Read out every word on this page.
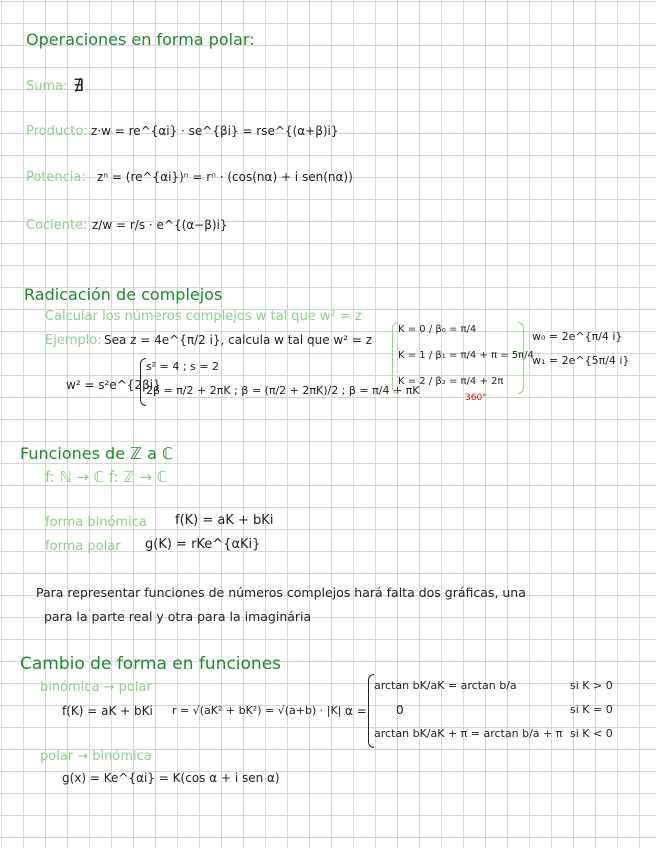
Operaciones en forma polar:
Suma: ∄
Producto: z·w = re^{αi} · se^{βi} = rse^{(α+β)i}
Potencia: zⁿ = (re^{αi})ⁿ = rⁿ · (cos(nα) + i sen(nα))
Cociente: z/w = r/s · e^{(α−β)i}
Radicación de complejos
Calcular los números complejos w tal que w² = z
Ejemplo: Sea z = 4e^{π/2 i}, calcula w tal que w² = z
w² = s²e^{2βi}
s² = 4 ; s = 2
2β = π/2 + 2πK ; β = (π/2 + 2πK)/2 ; β = π/4 + πK
K = 0 / β₀ = π/4
K = 1 / β₁ = π/4 + π = 5π/4
K = 2 / β₂ = π/4 + 2π
360°
w₀ = 2e^{π/4 i}
w₁ = 2e^{5π/4 i}
Funciones de ℤ a ℂ
f: ℕ → ℂ f: ℤ → ℂ
forma binómica f(K) = aK + bKi
forma polar g(K) = rKe^{αKi}
Para representar funciones de números complejos hará falta dos gráficas, una
para la parte real y otra para la imaginária
Cambio de forma en funciones
binómica → polar
f(K) = aK + bKi r = √(aK² + bK²) = √(a+b) · |K| α =
arctan bK/aK = arctan b/a	si K > 0
0	si K = 0
arctan bK/aK + π = arctan b/a + π si K < 0
polar → binómica
g(x) = Ke^{αi} = K(cos α + i sen α)
